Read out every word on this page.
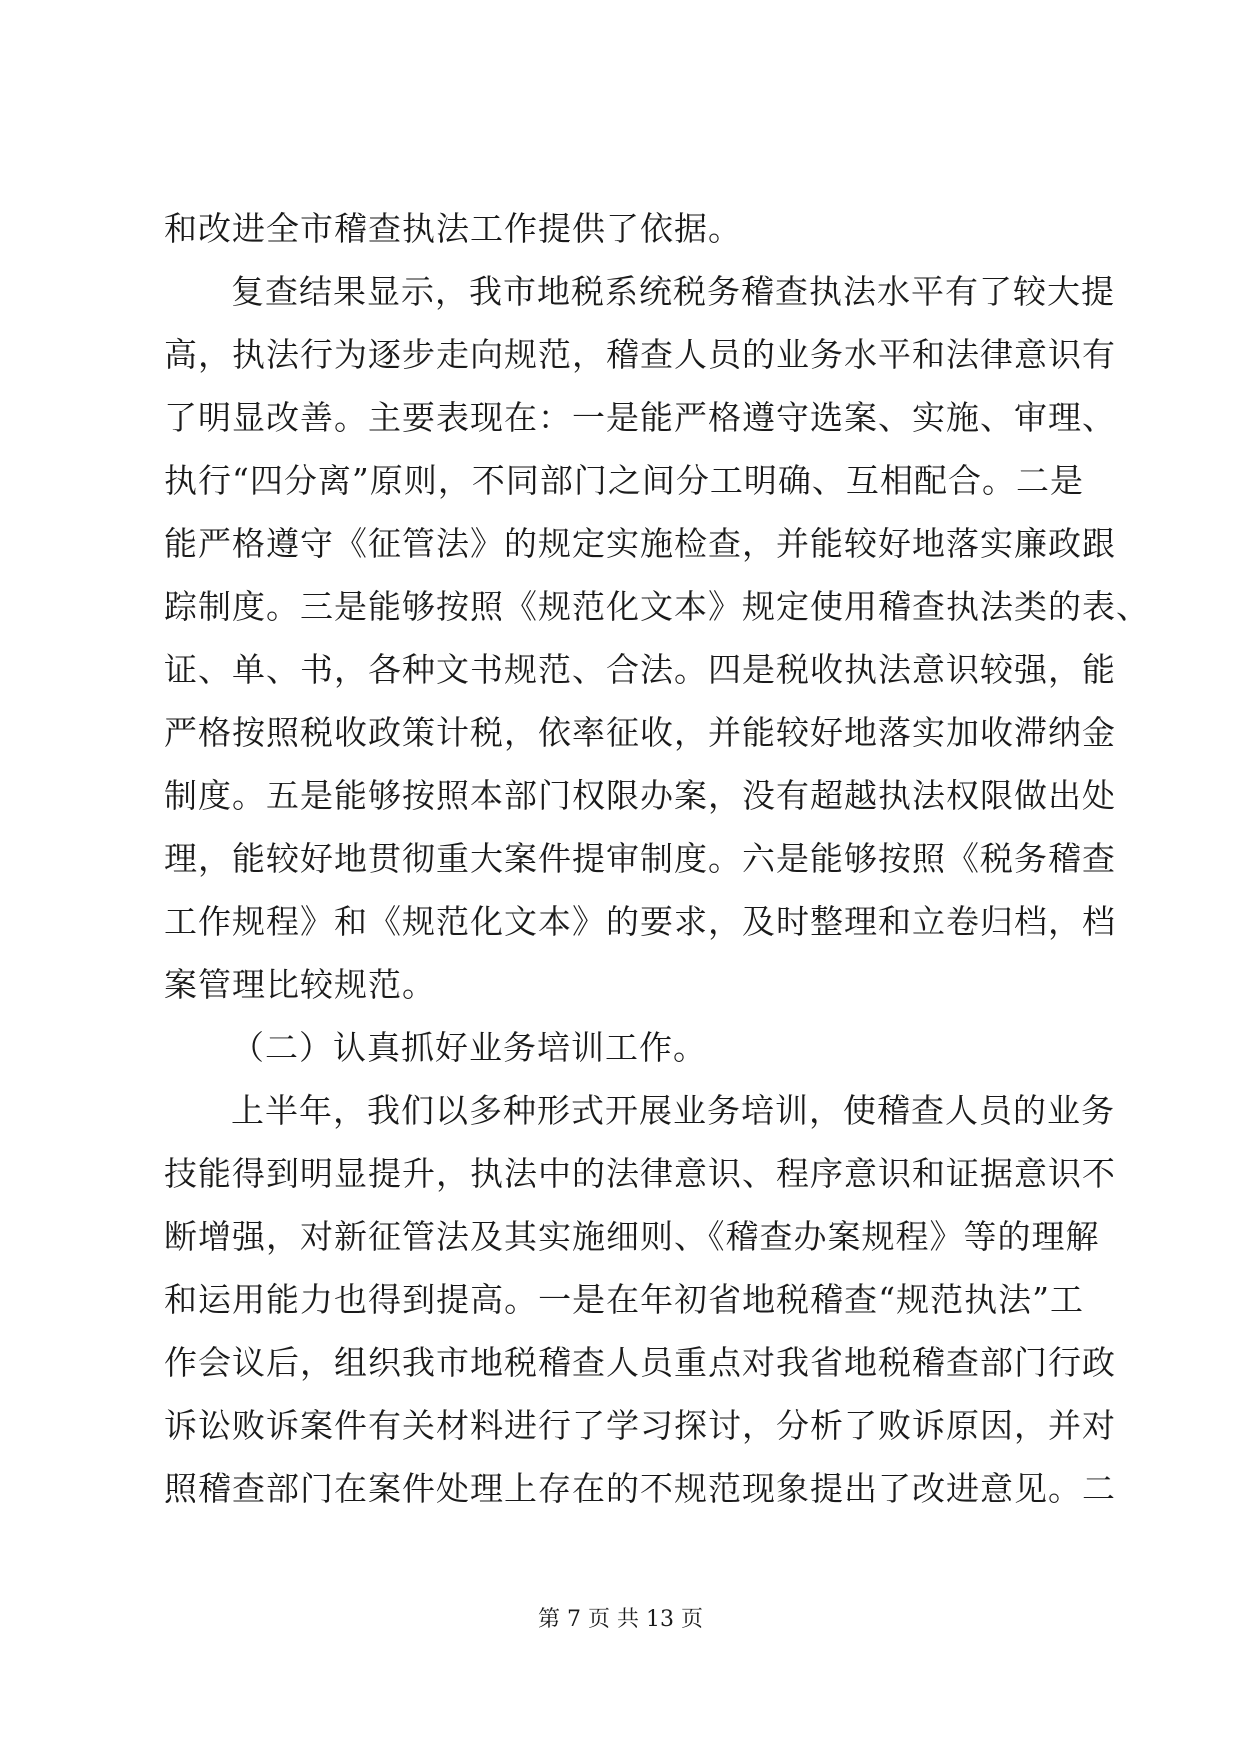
和改进全市稽查执法工作提供了依据。
复查结果显示，我市地税系统税务稽查执法水平有了较大提
高，执法行为逐步走向规范，稽查人员的业务水平和法律意识有
了明显改善。主要表现在：一是能严格遵守选案、实施、审理、
执行“四分离”原则，不同部门之间分工明确、互相配合。二是
能严格遵守《征管法》的规定实施检查，并能较好地落实廉政跟
踪制度。三是能够按照《规范化文本》规定使用稽查执法类的表、
证、单、书，各种文书规范、合法。四是税收执法意识较强，能
严格按照税收政策计税，依率征收，并能较好地落实加收滞纳金
制度。五是能够按照本部门权限办案，没有超越执法权限做出处
理，能较好地贯彻重大案件提审制度。六是能够按照《税务稽查
工作规程》和《规范化文本》的要求，及时整理和立卷归档，档
案管理比较规范。
（二）认真抓好业务培训工作。
上半年，我们以多种形式开展业务培训，使稽查人员的业务
技能得到明显提升，执法中的法律意识、程序意识和证据意识不
断增强，对新征管法及其实施细则、《稽查办案规程》等的理解
和运用能力也得到提高。一是在年初省地税稽查“规范执法”工
作会议后，组织我市地税稽查人员重点对我省地税稽查部门行政
诉讼败诉案件有关材料进行了学习探讨，分析了败诉原因，并对
照稽查部门在案件处理上存在的不规范现象提出了改进意见。二
第 7 页 共 13 页
